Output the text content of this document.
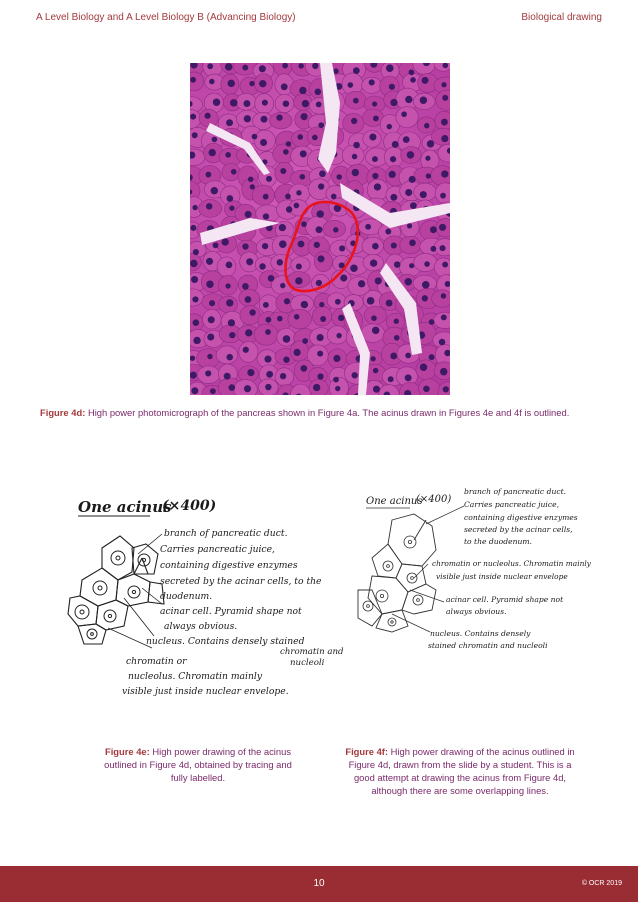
A Level Biology and A Level Biology B (Advancing Biology)	Biological drawing
Figure 4d: High power photomicrograph of the pancreas shown in Figure 4a. The acinus drawn in Figures 4e and 4f is outlined.
One acinus
(×400)
branch of pancreatic duct.
Carries pancreatic juice,
containing digestive enzymes
secreted by the acinar cells, to the
duodenum.
acinar cell. Pyramid shape not
always obvious.
nucleus. Contains densely stained
chromatin and
nucleoli
chromatin or
nucleolus. Chromatin mainly
visible just inside nuclear envelope.
One acinus
(×400)
branch of pancreatic duct.
Carries pancreatic juice,
containing digestive enzymes
secreted by the acinar cells,
to the duodenum.
chromatin or nucleolus. Chromatin mainly
visible just inside nuclear envelope
acinar cell. Pyramid shape not
always obvious.
nucleus. Contains densely
stained chromatin and nucleoli
Figure 4e: High power drawing of the acinus outlined in Figure 4d, obtained by tracing and fully labelled.
Figure 4f: High power drawing of the acinus outlined in Figure 4d, drawn from the slide by a student. This is a good attempt at drawing the acinus from Figure 4d, although there are some overlapping lines.
10	© OCR 2019
